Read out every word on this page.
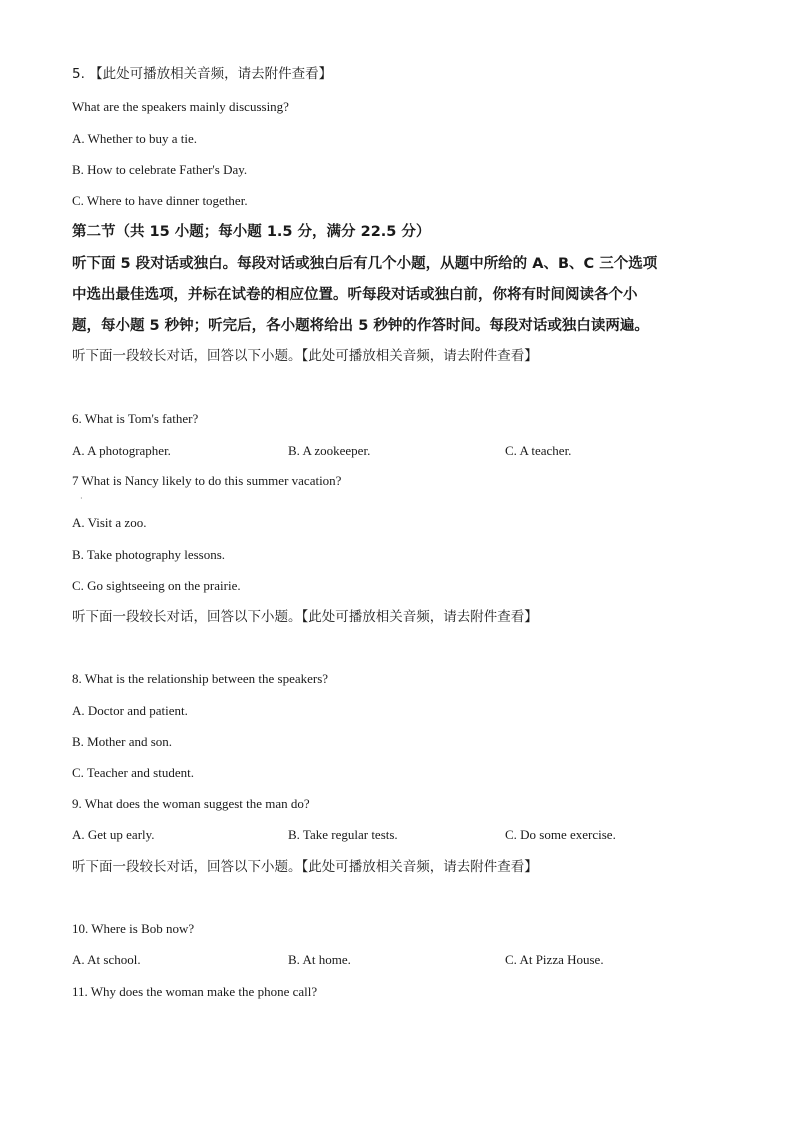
5. 【此处可播放相关音频，请去附件查看】
What are the speakers mainly discussing?
A. Whether to buy a tie.
B. How to celebrate Father's Day.
C. Where to have dinner together.
第二节（共 15 小题；每小题 1.5 分，满分 22.5 分）
听下面 5 段对话或独白。每段对话或独白后有几个小题，从题中所给的 A、B、C 三个选项
中选出最佳选项，并标在试卷的相应位置。听每段对话或独白前，你将有时间阅读各个小
题，每小题 5 秒钟；听完后，各小题将给出 5 秒钟的作答时间。每段对话或独白读两遍。
听下面一段较长对话，回答以下小题。【此处可播放相关音频，请去附件查看】
6. What is Tom's father?
A. A photographer.	B. A zookeeper.	C. A teacher.
7 What is Nancy likely to do this summer vacation?
·
A. Visit a zoo.
B. Take photography lessons.
C. Go sightseeing on the prairie.
听下面一段较长对话，回答以下小题。【此处可播放相关音频，请去附件查看】
8. What is the relationship between the speakers?
A. Doctor and patient.
B. Mother and son.
C. Teacher and student.
9. What does the woman suggest the man do?
A. Get up early.	B. Take regular tests.	C. Do some exercise.
听下面一段较长对话，回答以下小题。【此处可播放相关音频，请去附件查看】
10. Where is Bob now?
A. At school.	B. At home.	C. At Pizza House.
11. Why does the woman make the phone call?
